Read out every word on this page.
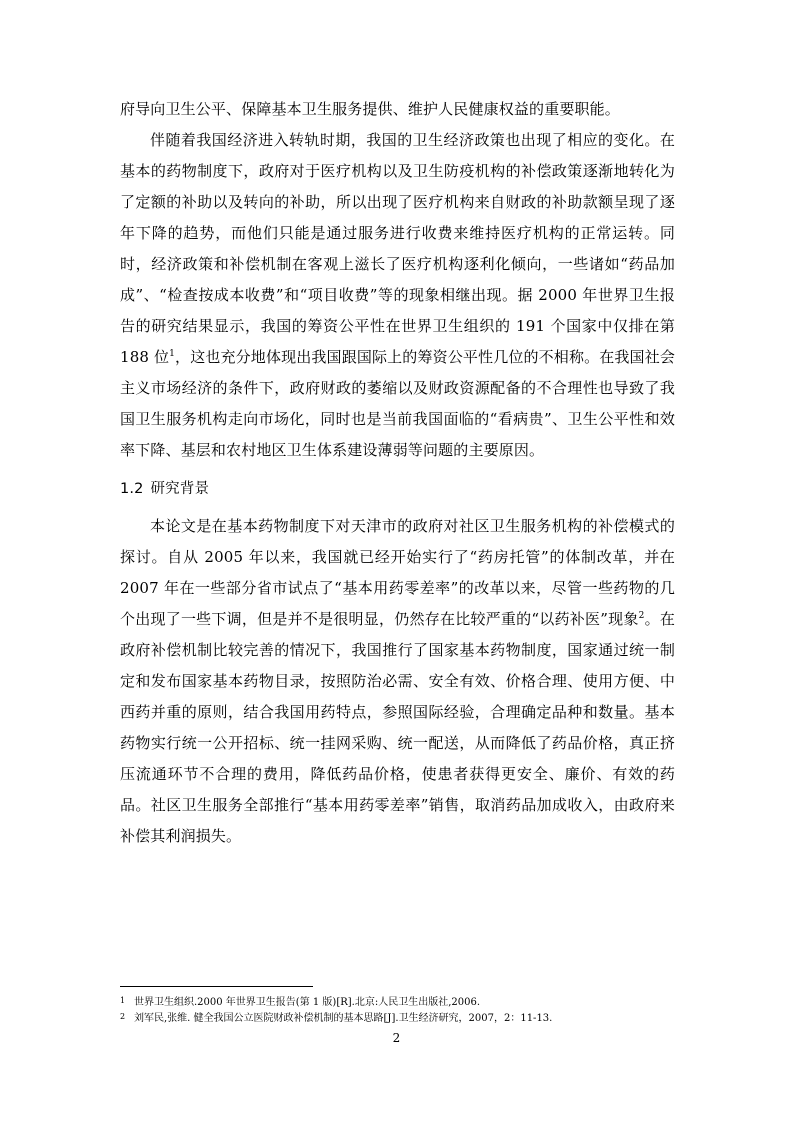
府导向卫生公平、保障基本卫生服务提供、维护人民健康权益的重要职能。

伴随着我国经济进入转轨时期，我国的卫生经济政策也出现了相应的变化。在基本的药物制度下，政府对于医疗机构以及卫生防疫机构的补偿政策逐渐地转化为了定额的补助以及转向的补助，所以出现了医疗机构来自财政的补助款额呈现了逐年下降的趋势，而他们只能是通过服务进行收费来维持医疗机构的正常运转。同时，经济政策和补偿机制在客观上滋长了医疗机构逐利化倾向，一些诸如“药品加成”、“检查按成本收费”和“项目收费”等的现象相继出现。据 2000 年世界卫生报告的研究结果显示，我国的筹资公平性在世界卫生组织的 191 个国家中仅排在第 188 位$^1$，这也充分地体现出我国跟国际上的筹资公平性几位的不相称。在我国社会主义市场经济的条件下，政府财政的萎缩以及财政资源配备的不合理性也导致了我国卫生服务机构走向市场化，同时也是当前我国面临的“看病贵”、卫生公平性和效率下降、基层和农村地区卫生体系建设薄弱等问题的主要原因。

1.2 研究背景

本论文是在基本药物制度下对天津市的政府对社区卫生服务机构的补偿模式的探讨。自从 2005 年以来，我国就已经开始实行了“药房托管”的体制改革，并在 2007 年在一些部分省市试点了“基本用药零差率”的改革以来，尽管一些药物的几个出现了一些下调，但是并不是很明显，仍然存在比较严重的“以药补医”现象$^2$。在政府补偿机制比较完善的情况下，我国推行了国家基本药物制度，国家通过统一制定和发布国家基本药物目录，按照防治必需、安全有效、价格合理、使用方便、中西药并重的原则，结合我国用药特点，参照国际经验，合理确定品种和数量。基本药物实行统一公开招标、统一挂网采购、统一配送，从而降低了药品价格，真正挤压流通环节不合理的费用，降低药品价格，使患者获得更安全、廉价、有效的药品。社区卫生服务全部推行“基本用药零差率”销售，取消药品加成收入，由政府来补偿其利润损失。

1 世界卫生组织.2000 年世界卫生报告(第 1 版)[R].北京:人民卫生出版社,2006.
2 刘军民,张维. 健全我国公立医院财政补偿机制的基本思路[J].卫生经济研究，2007，2：11-13.
2
